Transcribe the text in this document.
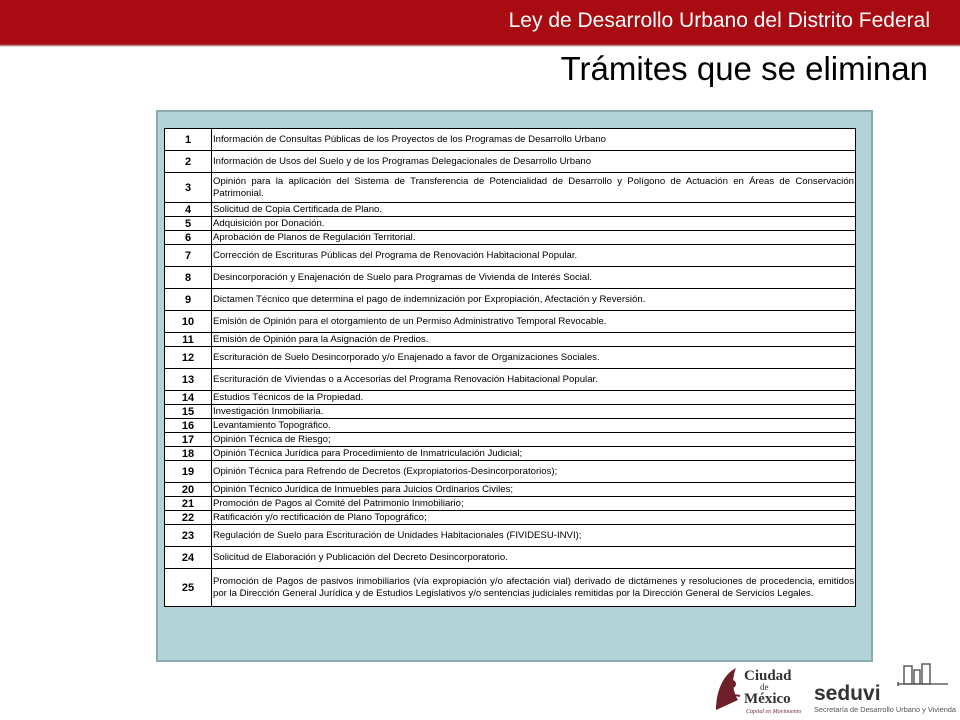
Ley de Desarrollo Urbano del Distrito Federal
Trámites que se eliminan
1	Información de Consultas Públicas de los Proyectos de los Programas de Desarrollo Urbano
2	Información de Usos del Suelo y de los Programas Delegacionales de Desarrollo Urbano
3	Opinión para la aplicación del Sistema de Transferencia de Potencialidad de Desarrollo y Polígono de Actuación en Áreas de Conservación Patrimonial.
4	Solicitud de Copia Certificada de Plano.
5	Adquisición por Donación.
6	Aprobación de Planos de Regulación Territorial.
7	Corrección de Escrituras Públicas del Programa de Renovación Habitacional Popular.
8	Desincorporación y Enajenación de Suelo para Programas de Vivienda de Interés Social.
9	Dictamen Técnico que determina el pago de indemnización por Expropiación, Afectación y Reversión.
10	Emisión de Opinión para el otorgamiento de un Permiso Administrativo Temporal Revocable.
11	Emisión de Opinión para la Asignación de Predios.
12	Escrituración de Suelo Desincorporado y/o Enajenado a favor de Organizaciones Sociales.
13	Escrituración de Viviendas o a Accesorias del Programa Renovación Habitacional Popular.
14	Estudios Técnicos de la Propiedad.
15	Investigación Inmobiliaria.
16	Levantamiento Topográfico.
17	Opinión Técnica de Riesgo;
18	Opinión Técnica Jurídica para Procedimiento de Inmatriculación Judicial;
19	Opinión Técnica para Refrendo de Decretos (Expropiatorios-Desincorporatorios);
20	Opinión Técnico Jurídica de Inmuebles para Juicios Ordinarios Civiles;
21	Promoción de Pagos al Comité del Patrimonio Inmobiliario;
22	Ratificación y/o rectificación de Plano Topográfico;
23	Regulación de Suelo para Escrituración de Unidades Habitacionales (FIVIDESU-INVI);
24	Solicitud de Elaboración y Publicación del Decreto Desincorporatorio.
25	Promoción de Pagos de pasivos inmobiliarios (vía expropiación y/o afectación vial) derivado de dictámenes y resoluciones de procedencia, emitidos por la Dirección General Jurídica y de Estudios Legislativos y/o sentencias judiciales remitidas por la Dirección General de Servicios Legales.
Ciudad
de
México
Capital en Movimiento
seduvi
Secretaría de Desarrollo Urbano y Vivienda
